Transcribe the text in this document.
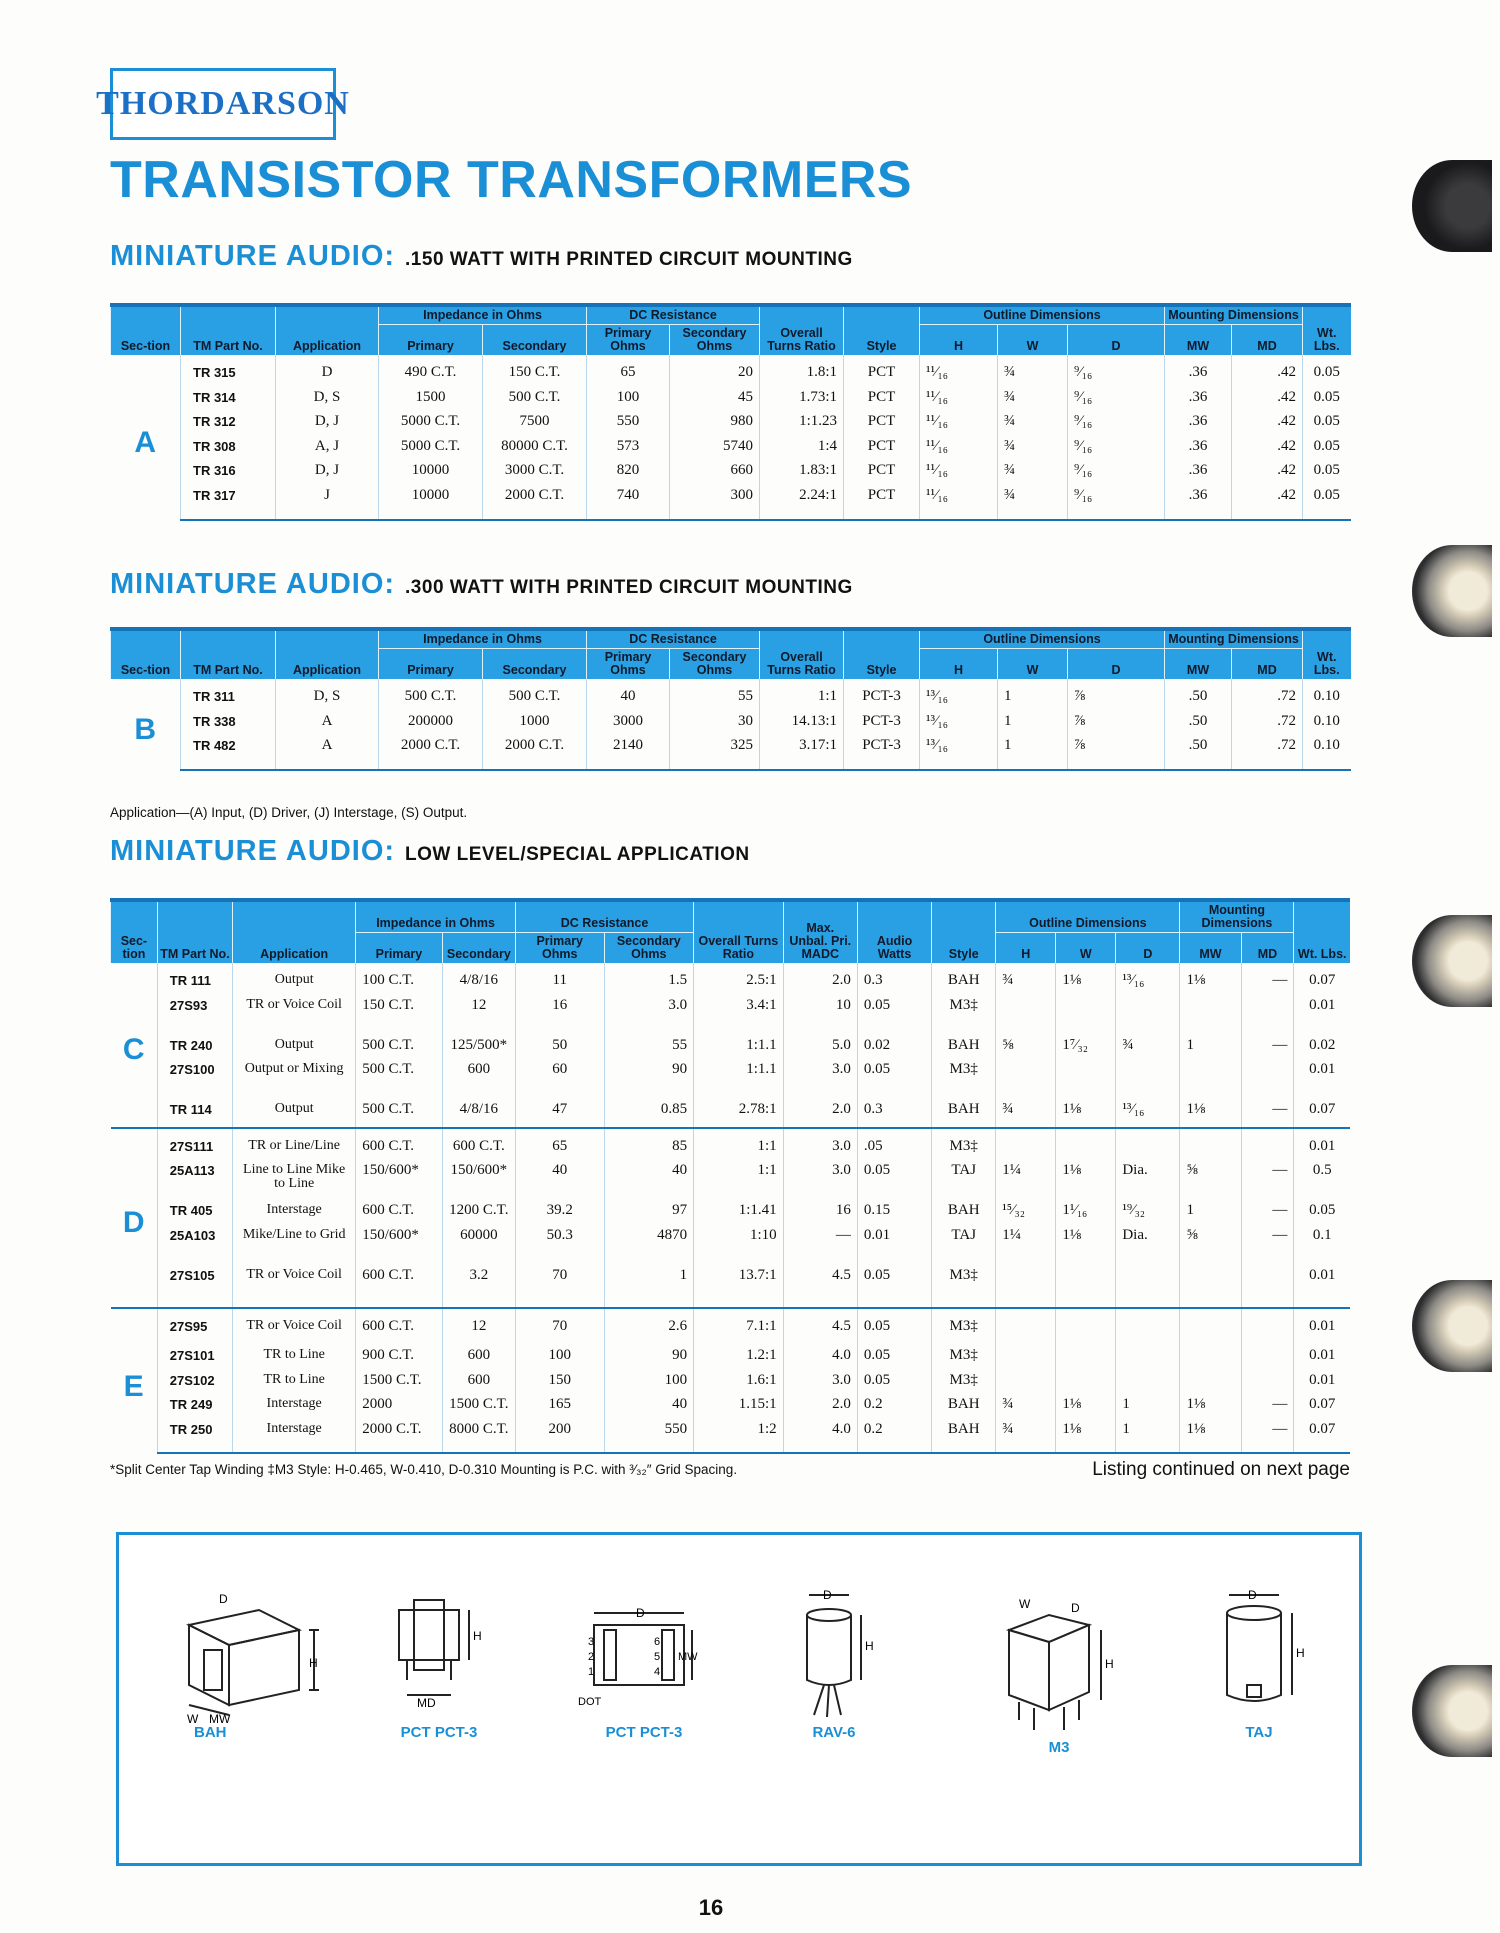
THORDARSON
TRANSISTOR TRANSFORMERS
MINIATURE AUDIO: .150 WATT WITH PRINTED CIRCUIT MOUNTING
Sec-tion	TM Part No.	Application	Impedance in Ohms		DC Resistance		Overall Turns Ratio	Style	Outline Dimensions			Mounting Dimensions		Wt. Lbs.
			Primary	Secondary	Primary Ohms	Secondary Ohms			H	W	D	MW	MD	
A	TR 315	D	490 C.T.	150 C.T.	65	20	1.8:1	PCT	¹¹⁄₁₆	¾	⁹⁄₁₆	.36	.42	0.05
	TR 314	D, S	1500	500 C.T.	100	45	1.73:1	PCT	¹¹⁄₁₆	¾	⁹⁄₁₆	.36	.42	0.05
	TR 312	D, J	5000 C.T.	7500	550	980	1:1.23	PCT	¹¹⁄₁₆	¾	⁹⁄₁₆	.36	.42	0.05
	TR 308	A, J	5000 C.T.	80000 C.T.	573	5740	1:4	PCT	¹¹⁄₁₆	¾	⁹⁄₁₆	.36	.42	0.05
	TR 316	D, J	10000	3000 C.T.	820	660	1.83:1	PCT	¹¹⁄₁₆	¾	⁹⁄₁₆	.36	.42	0.05
	TR 317	J	10000	2000 C.T.	740	300	2.24:1	PCT	¹¹⁄₁₆	¾	⁹⁄₁₆	.36	.42	0.05
MINIATURE AUDIO: .300 WATT WITH PRINTED CIRCUIT MOUNTING
Sec-tion	TM Part No.	Application	Impedance in Ohms		DC Resistance		Overall Turns Ratio	Style	Outline Dimensions			Mounting Dimensions		Wt. Lbs.
			Primary	Secondary	Primary Ohms	Secondary Ohms			H	W	D	MW	MD	
B	TR 311	D, S	500 C.T.	500 C.T.	40	55	1:1	PCT-3	¹³⁄₁₆	1	⅞	.50	.72	0.10
	TR 338	A	200000	1000	3000	30	14.13:1	PCT-3	¹³⁄₁₆	1	⅞	.50	.72	0.10
	TR 482	A	2000 C.T.	2000 C.T.	2140	325	3.17:1	PCT-3	¹³⁄₁₆	1	⅞	.50	.72	0.10
Application—(A) Input, (D) Driver, (J) Interstage, (S) Output.
MINIATURE AUDIO: LOW LEVEL/SPECIAL APPLICATION
Sec-tion	TM Part No.	Application	Impedance in Ohms		DC Resistance		Overall Turns Ratio	Max. Unbal. Pri. MADC	Audio Watts	Style	Outline Dimensions			Mounting Dimensions		Wt. Lbs.
			Primary	Secondary	Primary Ohms	Secondary Ohms					H	W	D	MW	MD	
C	TR 111	Output	100 C.T.	4/8/16	11	1.5	2.5:1	2.0	0.3	BAH	¾	1⅛	¹³⁄₁₆	1⅛	—	0.07
	27S93	TR or Voice Coil	150 C.T.	12	16	3.0	3.4:1	10	0.05	M3‡						0.01
	TR 240	Output	500 C.T.	125/500*	50	55	1:1.1	5.0	0.02	BAH	⅝	1⁷⁄₃₂	¾	1	—	0.02
	27S100	Output or Mixing	500 C.T.	600	60	90	1:1.1	3.0	0.05	M3‡						0.01
	TR 114	Output	500 C.T.	4/8/16	47	0.85	2.78:1	2.0	0.3	BAH	¾	1⅛	¹³⁄₁₆	1⅛	—	0.07
D	27S111	TR or Line/Line	600 C.T.	600 C.T.	65	85	1:1	3.0	.05	M3‡						0.01
	25A113	Line to Line Mike to Line	150/600*	150/600*	40	40	1:1	3.0	0.05	TAJ	1¼	1⅛	Dia.	⅝	—	0.5
	TR 405	Interstage	600 C.T.	1200 C.T.	39.2	97	1:1.41	16	0.15	BAH	¹⁵⁄₃₂	1¹⁄₁₆	¹⁹⁄₃₂	1	—	0.05
	25A103	Mike/Line to Grid	150/600*	60000	50.3	4870	1:10	—	0.01	TAJ	1¼	1⅛	Dia.	⅝	—	0.1
	27S105	TR or Voice Coil	600 C.T.	3.2	70	1	13.7:1	4.5	0.05	M3‡						0.01
E	27S95	TR or Voice Coil	600 C.T.	12	70	2.6	7.1:1	4.5	0.05	M3‡						0.01
	27S101	TR to Line	900 C.T.	600	100	90	1.2:1	4.0	0.05	M3‡						0.01
	27S102	TR to Line	1500 C.T.	600	150	100	1.6:1	3.0	0.05	M3‡						0.01
	TR 249	Interstage	2000	1500 C.T.	165	40	1.15:1	2.0	0.2	BAH	¾	1⅛	1	1⅛	—	0.07
	TR 250	Interstage	2000 C.T.	8000 C.T.	200	550	1:2	4.0	0.2	BAH	¾	1⅛	1	1⅛	—	0.07
*Split Center Tap Winding ‡M3 Style: H-0.465, W-0.410, D-0.310 Mounting is P.C. with ³⁄₃₂″ Grid Spacing.	Listing continued on next page
H
D
W MW
BAH
H
MD
PCT PCT-3
D
3
2
1
6
5
4
MW
DOT
PCT PCT-3
D
H
RAV-6
W	D
H
M3
D
H
TAJ
16
